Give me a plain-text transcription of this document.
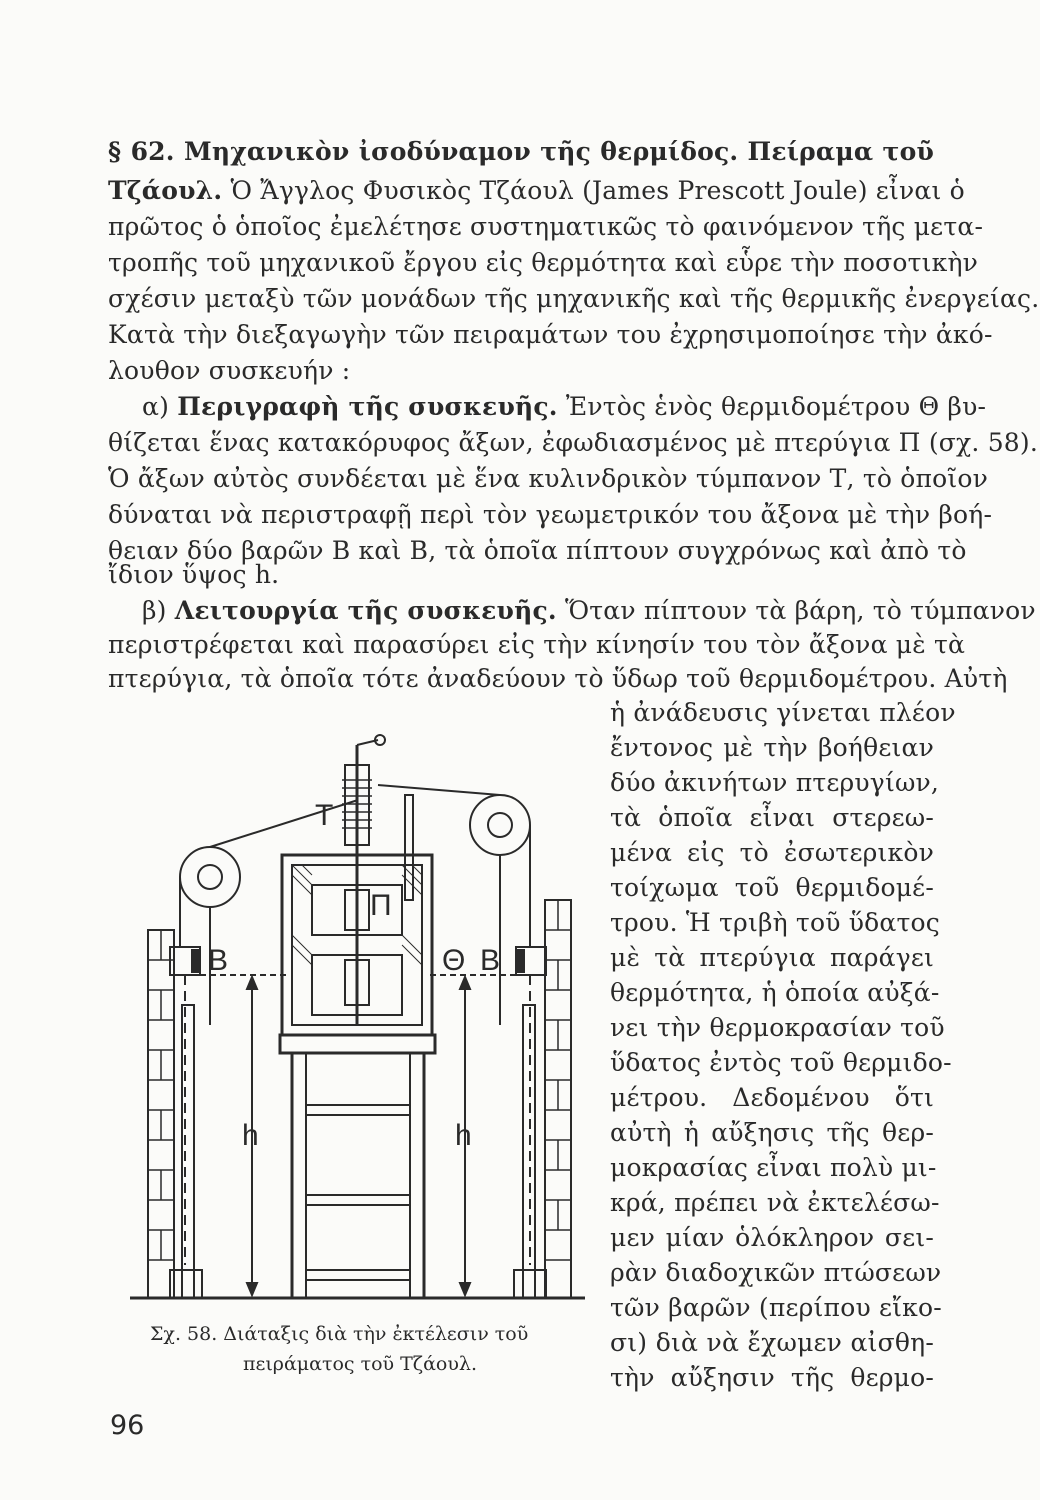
§ 62. Μηχανικὸν ἰσοδύναμον τῆς θερμίδος. Πείραμα τοῦ
Τζάουλ. Ὁ Ἄγγλος Φυσικὸς Τζάουλ (James Prescott Joule) εἶναι ὁ
πρῶτος ὁ ὁποῖος ἐμελέτησε συστηματικῶς τὸ φαινόμενον τῆς μετα-
τροπῆς τοῦ μηχανικοῦ ἔργου εἰς θερμότητα καὶ εὗρε τὴν ποσοτικὴν
σχέσιν μεταξὺ τῶν μονάδων τῆς μηχανικῆς καὶ τῆς θερμικῆς ἐνεργείας.
Κατὰ τὴν διεξαγωγὴν τῶν πειραμάτων του ἐχρησιμοποίησε τὴν ἀκό-
λουθον συσκευήν :
α) Περιγραφὴ τῆς συσκευῆς. Ἐντὸς ἑνὸς θερμιδομέτρου Θ βυ-
θίζεται ἕνας κατακόρυφος ἄξων, ἐφωδιασμένος μὲ πτερύγια Π (σχ. 58).
Ὁ ἄξων αὐτὸς συνδέεται μὲ ἕνα κυλινδρικὸν τύμπανον Τ, τὸ ὁποῖον
δύναται νὰ περιστραφῇ περὶ τὸν γεωμετρικόν του ἄξονα μὲ τὴν βοή-
θειαν δύο βαρῶν Β καὶ Β, τὰ ὁποῖα πίπτουν συγχρόνως καὶ ἀπὸ τὸ
ἴδιον ὕψος h.
β) Λειτουργία τῆς συσκευῆς. Ὅταν πίπτουν τὰ βάρη, τὸ τύμπανον
περιστρέφεται καὶ παρασύρει εἰς τὴν κίνησίν του τὸν ἄξονα μὲ τὰ
πτερύγια, τὰ ὁποῖα τότε ἀναδεύουν τὸ ὕδωρ τοῦ θερμιδομέτρου. Αὐτὴ
ἡ ἀνάδευσις γίνεται πλέον
ἔντονος μὲ τὴν βοήθειαν
δύο ἀκινήτων πτερυγίων,
τὰ ὁποῖα εἶναι στερεω-
μένα εἰς τὸ ἐσωτερικὸν
τοίχωμα τοῦ θερμιδομέ-
τρου. Ἡ τριβὴ τοῦ ὕδατος
μὲ τὰ πτερύγια παράγει
θερμότητα, ἡ ὁποία αὐξά-
νει τὴν θερμοκρασίαν τοῦ
ὕδατος ἐντὸς τοῦ θερμιδο-
μέτρου. Δεδομένου ὅτι
αὐτὴ ἡ αὔξησις τῆς θερ-
μοκρασίας εἶναι πολὺ μι-
κρά, πρέπει νὰ ἐκτελέσω-
μεν μίαν ὁλόκληρον σει-
ρὰν διαδοχικῶν πτώσεων
τῶν βαρῶν (περίπου εἴκο-
σι) διὰ νὰ ἔχωμεν αἰσθη-
τὴν αὔξησιν τῆς θερμο-
Τ
Π
Θ
Β	Β
h	h
Σχ. 58. Διάταξις διὰ τὴν ἐκτέλεσιν τοῦ
πειράματος τοῦ Τζάουλ.
96
